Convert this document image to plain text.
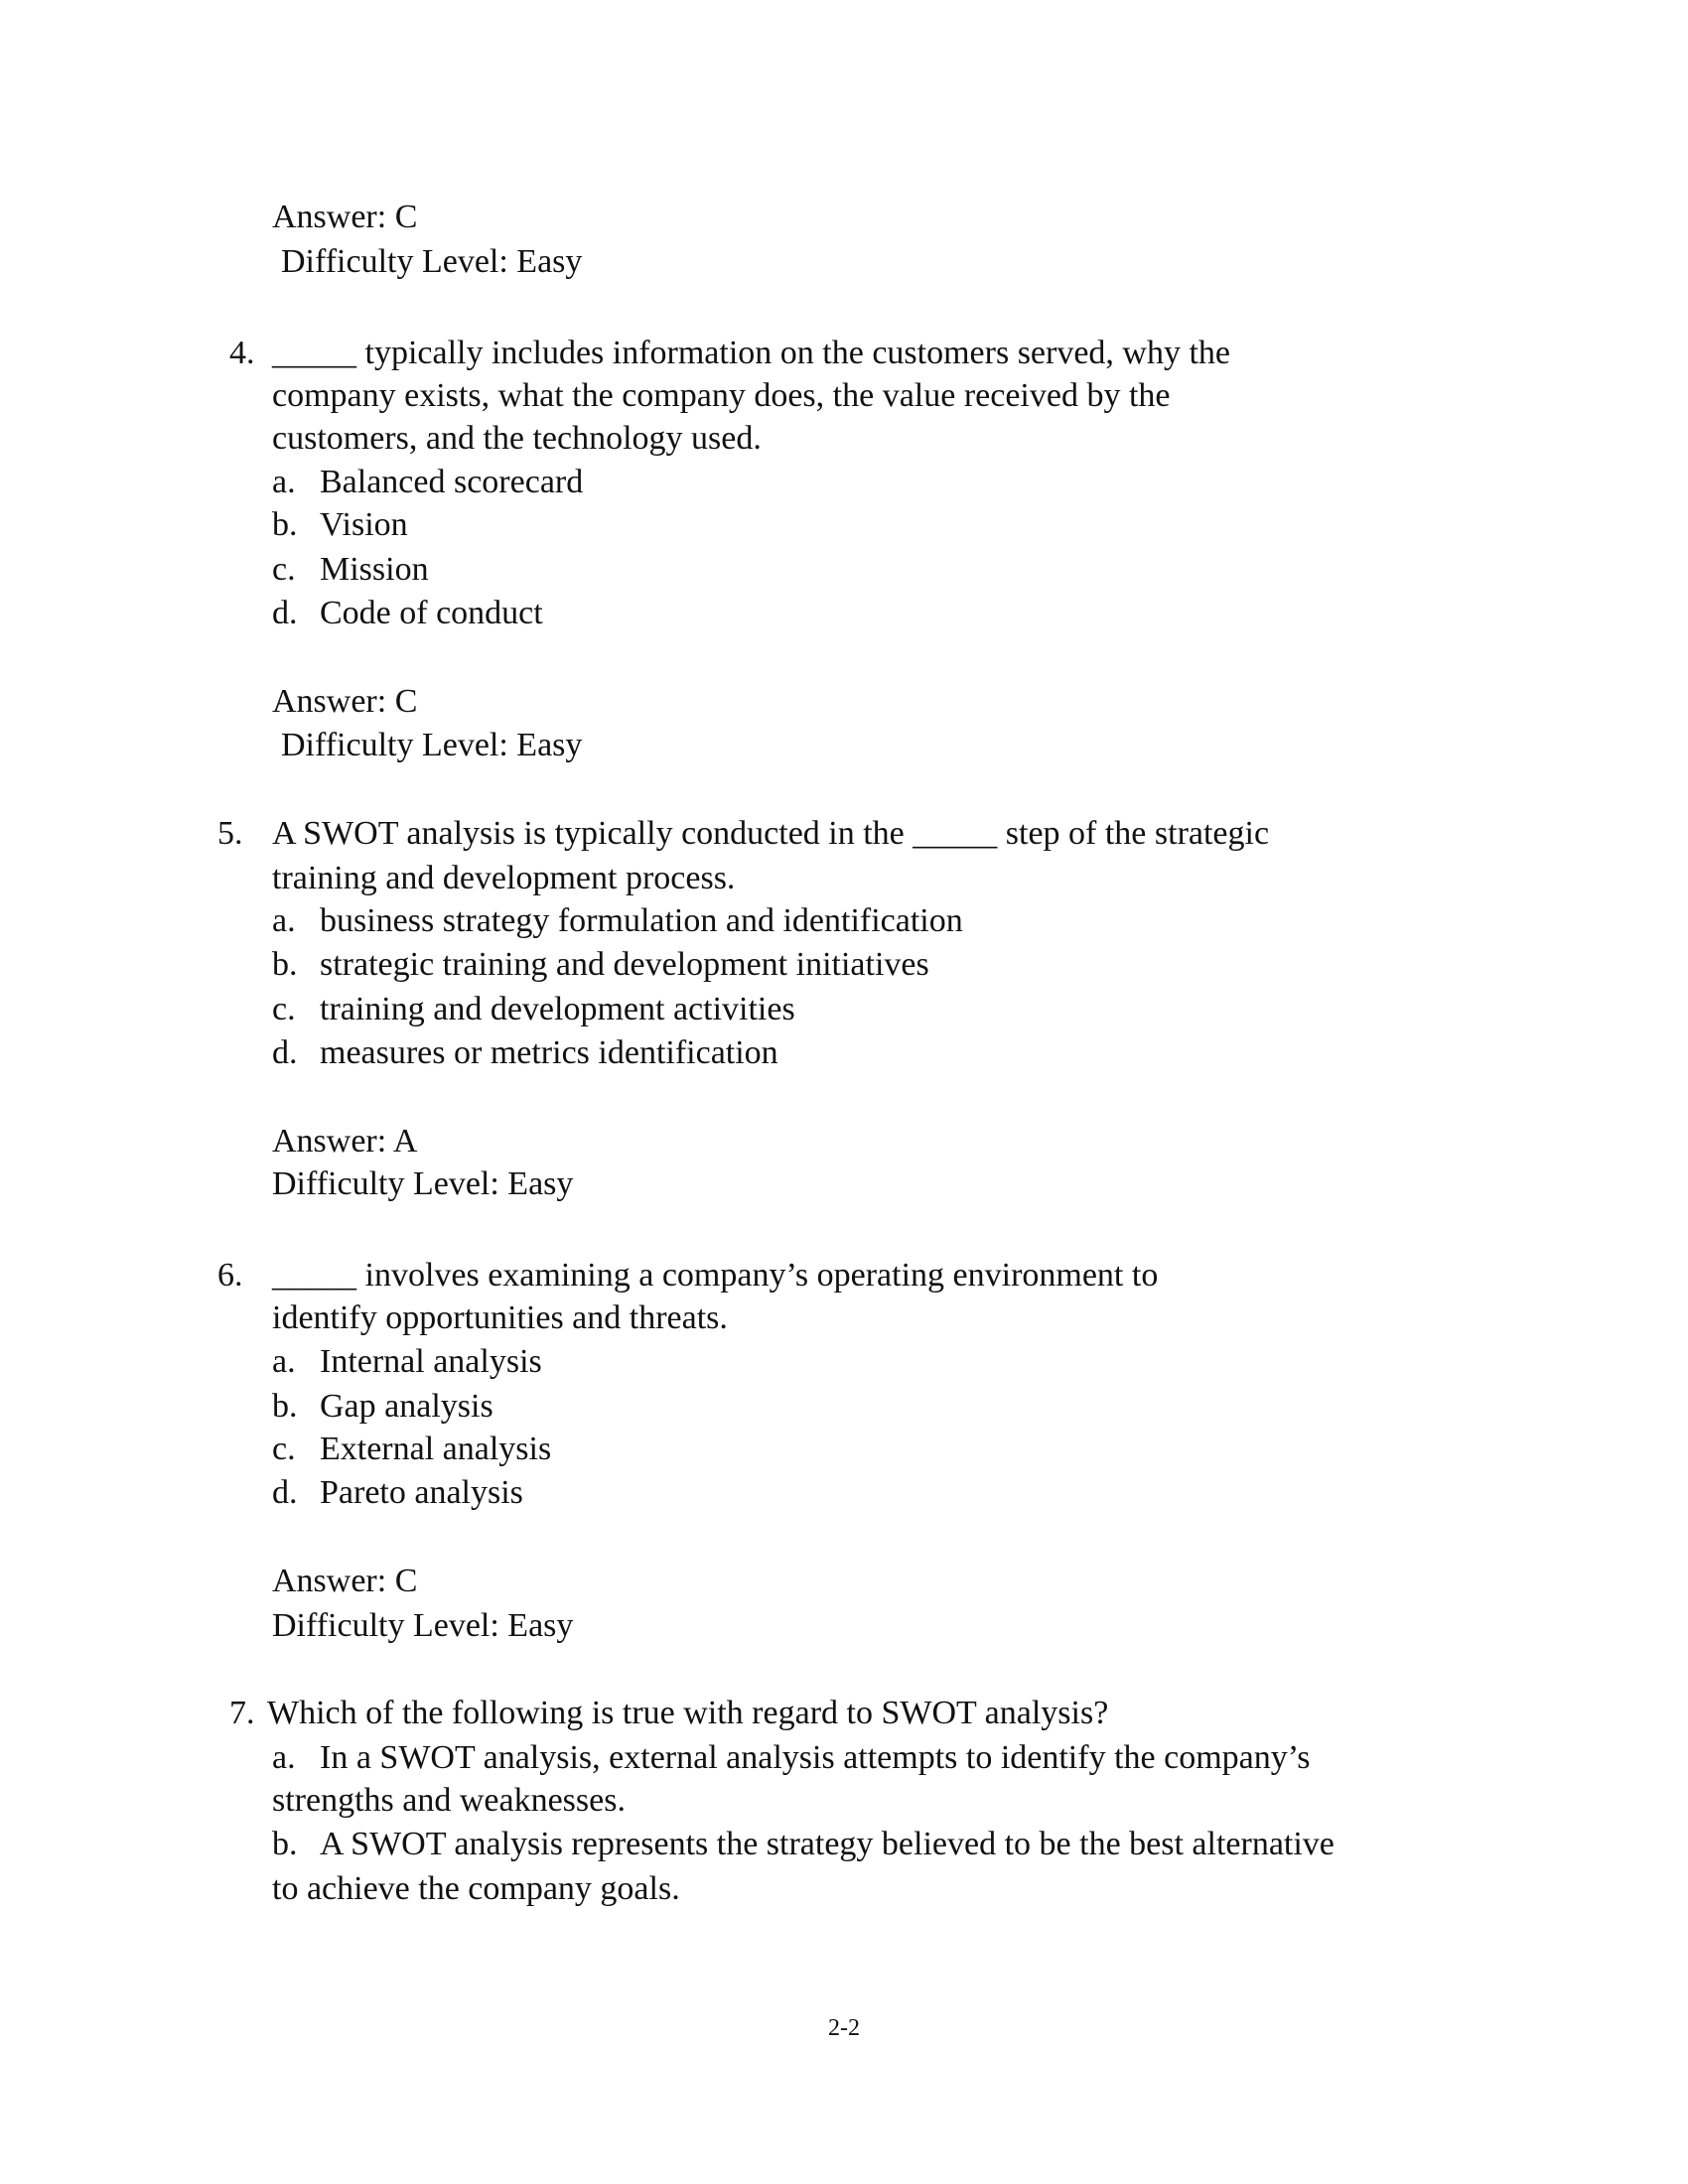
Answer: C
Difficulty Level: Easy
4. _____ typically includes information on the customers served, why the
company exists, what the company does, the value received by the
customers, and the technology used.
a. Balanced scorecard
b. Vision
c. Mission
d. Code of conduct
Answer: C
Difficulty Level: Easy
5. A SWOT analysis is typically conducted in the _____ step of the strategic
training and development process.
a. business strategy formulation and identification
b. strategic training and development initiatives
c. training and development activities
d. measures or metrics identification
Answer: A
Difficulty Level: Easy
6. _____ involves examining a company’s operating environment to
identify opportunities and threats.
a. Internal analysis
b. Gap analysis
c. External analysis
d. Pareto analysis
Answer: C
Difficulty Level: Easy
7. Which of the following is true with regard to SWOT analysis?
a. In a SWOT analysis, external analysis attempts to identify the company’s
strengths and weaknesses.
b. A SWOT analysis represents the strategy believed to be the best alternative
to achieve the company goals.
2-2
